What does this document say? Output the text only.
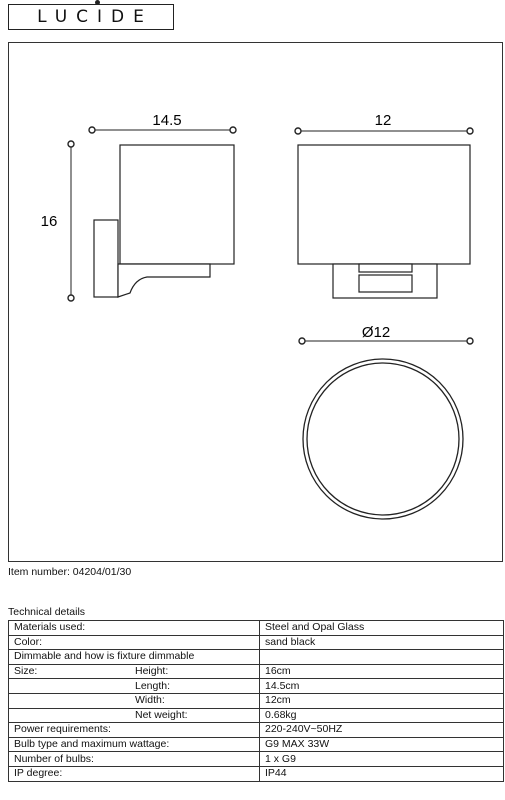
LUCIDE
14.5
16
12
Ø12
Item number: 04204/01/30
Technical details
Materials used:	Steel and Opal Glass
Color:	sand black
Dimmable and how is fixture dimmable	

Size: Height:	16cm

Length:	14.5cm

Width:	12cm

Net weight:	0.68kg
Power requirements:	220-240V~50HZ
Bulb type and maximum wattage:	G9 MAX 33W
Number of bulbs:	1 x G9
IP degree:	IP44
